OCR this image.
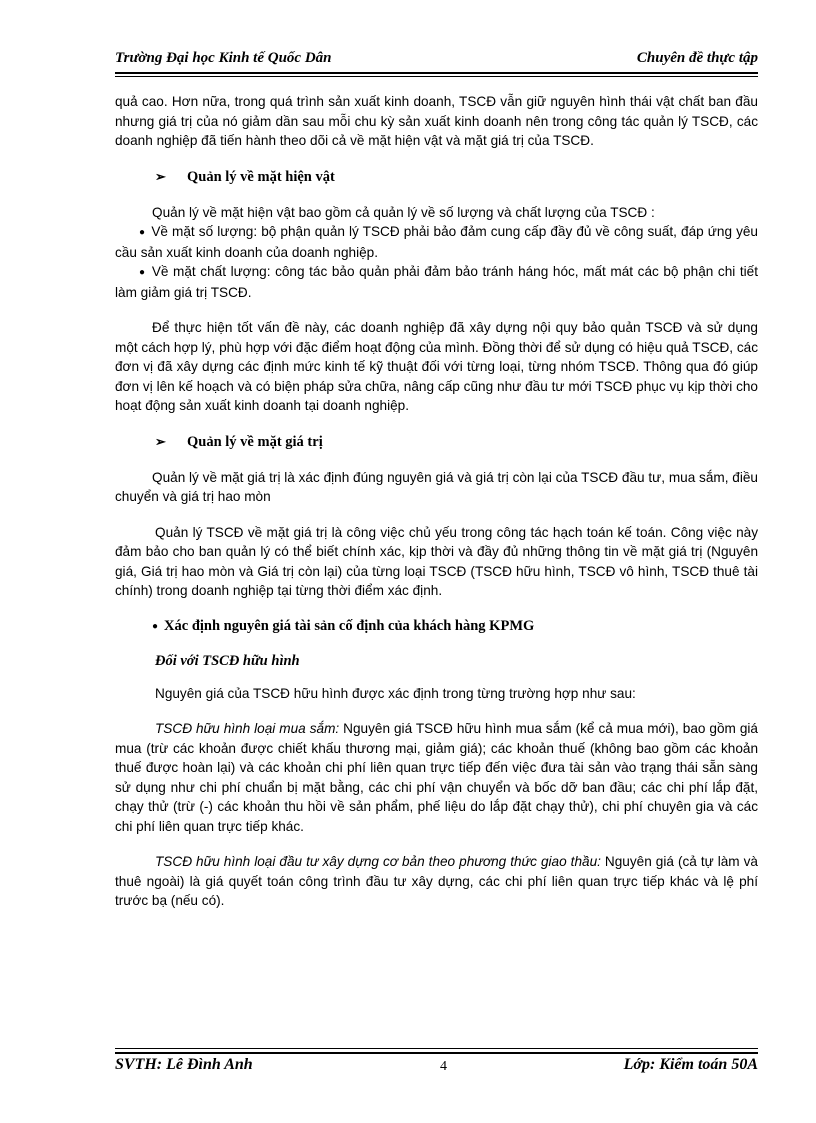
Trường Đại học Kinh tế Quốc Dân	Chuyên đề thực tập

quả cao. Hơn nữa, trong quá trình sản xuất kinh doanh, TSCĐ vẫn giữ nguyên hình thái vật chất ban đầu nhưng giá trị của nó giảm dần sau mỗi chu kỳ sản xuất kinh doanh nên trong công tác quản lý TSCĐ, các doanh nghiệp đã tiến hành theo dõi cả về mặt hiện vật và mặt giá trị của TSCĐ.

➢ Quản lý về mặt hiện vật

Quản lý về mặt hiện vật bao gồm cả quản lý về số lượng và chất lượng của TSCĐ :

● Về mặt số lượng: bộ phận quản lý TSCĐ phải bảo đảm cung cấp đầy đủ về công suất, đáp ứng yêu cầu sản xuất kinh doanh của doanh nghiệp.

● Về mặt chất lượng: công tác bảo quản phải đảm bảo tránh háng hóc, mất mát các bộ phận chi tiết làm giảm giá trị TSCĐ.

Để thực hiện tốt vấn đề này, các doanh nghiệp đã xây dựng nội quy bảo quản TSCĐ và sử dụng một cách hợp lý, phù hợp với đặc điểm hoạt động của mình. Đồng thời để sử dụng có hiệu quả TSCĐ, các đơn vị đã xây dựng các định mức kinh tế kỹ thuật đối với từng loại, từng nhóm TSCĐ. Thông qua đó giúp đơn vị lên kế hoạch và có biện pháp sửa chữa, nâng cấp cũng như đầu tư mới TSCĐ phục vụ kịp thời cho hoạt động sản xuất kinh doanh tại doanh nghiệp.

➢ Quản lý về mặt giá trị

Quản lý về mặt giá trị là xác định đúng nguyên giá và giá trị còn lại của TSCĐ đầu tư, mua sắm, điều chuyển và giá trị hao mòn

Quản lý TSCĐ về mặt giá trị là công việc chủ yếu trong công tác hạch toán kế toán. Công việc này đảm bảo cho ban quản lý có thể biết chính xác, kịp thời và đầy đủ những thông tin về mặt giá trị (Nguyên giá, Giá trị hao mòn và Giá trị còn lại) của từng loại TSCĐ (TSCĐ hữu hình, TSCĐ vô hình, TSCĐ thuê tài chính) trong doanh nghiệp tại từng thời điểm xác định.

● Xác định nguyên giá tài sản cố định của khách hàng KPMG

Đối với TSCĐ hữu hình

Nguyên giá của TSCĐ hữu hình được xác định trong từng trường hợp như sau:

TSCĐ hữu hình loại mua sắm: Nguyên giá TSCĐ hữu hình mua sắm (kể cả mua mới), bao gồm giá mua (trừ các khoản được chiết khấu thương mại, giảm giá); các khoản thuế (không bao gồm các khoản thuế được hoàn lại) và các khoản chi phí liên quan trực tiếp đến việc đưa tài sản vào trạng thái sẵn sàng sử dụng như chi phí chuẩn bị mặt bằng, các chi phí vận chuyển và bốc dỡ ban đầu; các chi phí lắp đặt, chạy thử (trừ (-) các khoản thu hồi về sản phẩm, phế liệu do lắp đặt chạy thử), chi phí chuyên gia và các chi phí liên quan trực tiếp khác.

TSCĐ hữu hình loại đầu tư xây dựng cơ bản theo phương thức giao thầu: Nguyên giá (cả tự làm và thuê ngoài) là giá quyết toán công trình đầu tư xây dựng, các chi phí liên quan trực tiếp khác và lệ phí trước bạ (nếu có).

SVTH: Lê Đình Anh	4	Lớp: Kiểm toán 50A
